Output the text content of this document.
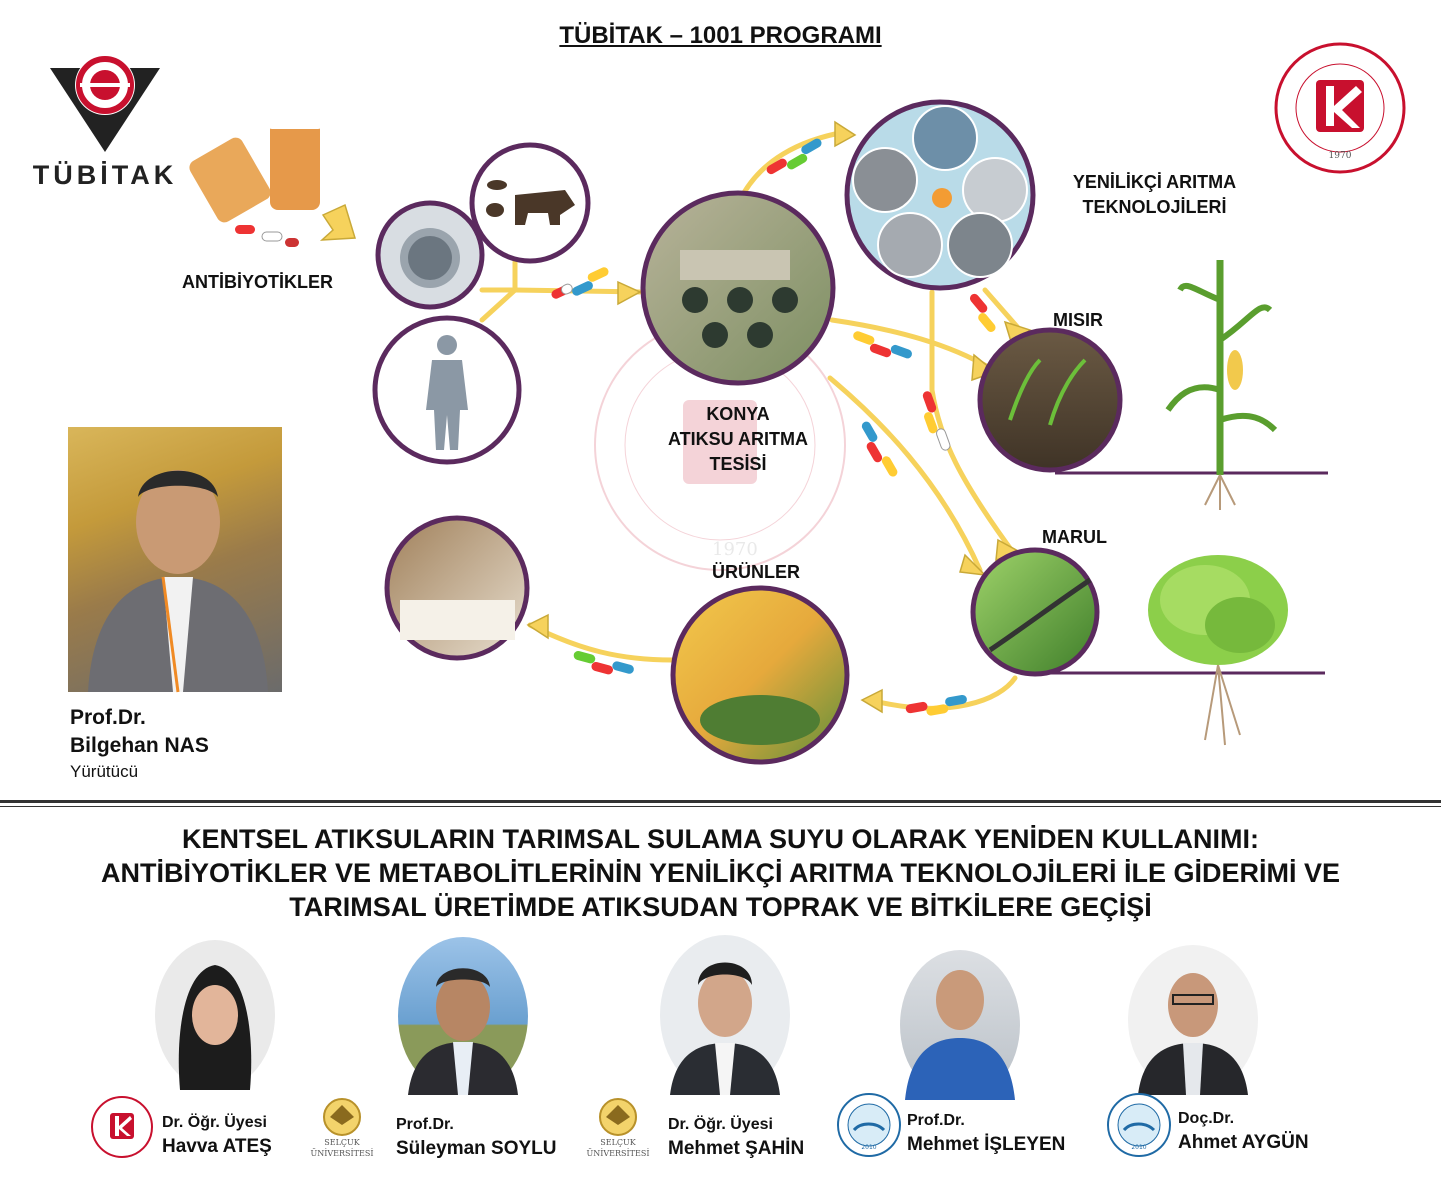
TÜBİTAK – 1001 PROGRAMI
TÜBİTAK
1970
1970
ANTİBİYOTİKLER
KONYA
ATIKSU ARITMA
TESİSİ
YENİLİKÇİ ARITMA
TEKNOLOJİLERİ
MISIR
MARUL
ÜRÜNLER
Prof.Dr.
Bilgehan NAS
Yürütücü
KENTSEL ATIKSULARIN TARIMSAL SULAMA SUYU OLARAK YENİDEN KULLANIMI:
ANTİBİYOTİKLER VE METABOLİTLERİNİN YENİLİKÇİ ARITMA TEKNOLOJİLERİ İLE GİDERİMİ VE
TARIMSAL ÜRETİMDE ATIKSUDAN TOPRAK VE BİTKİLERE GEÇİŞİ
SELÇUK
ÜNİVERSİTESİ
SELÇUK
ÜNİVERSİTESİ
2010	2010
Dr. Öğr. Üyesi
Havva ATEŞ
Prof.Dr.
Süleyman SOYLU
Dr. Öğr. Üyesi
Mehmet ŞAHİN
Prof.Dr.
Mehmet İŞLEYEN
Doç.Dr.
Ahmet AYGÜN
